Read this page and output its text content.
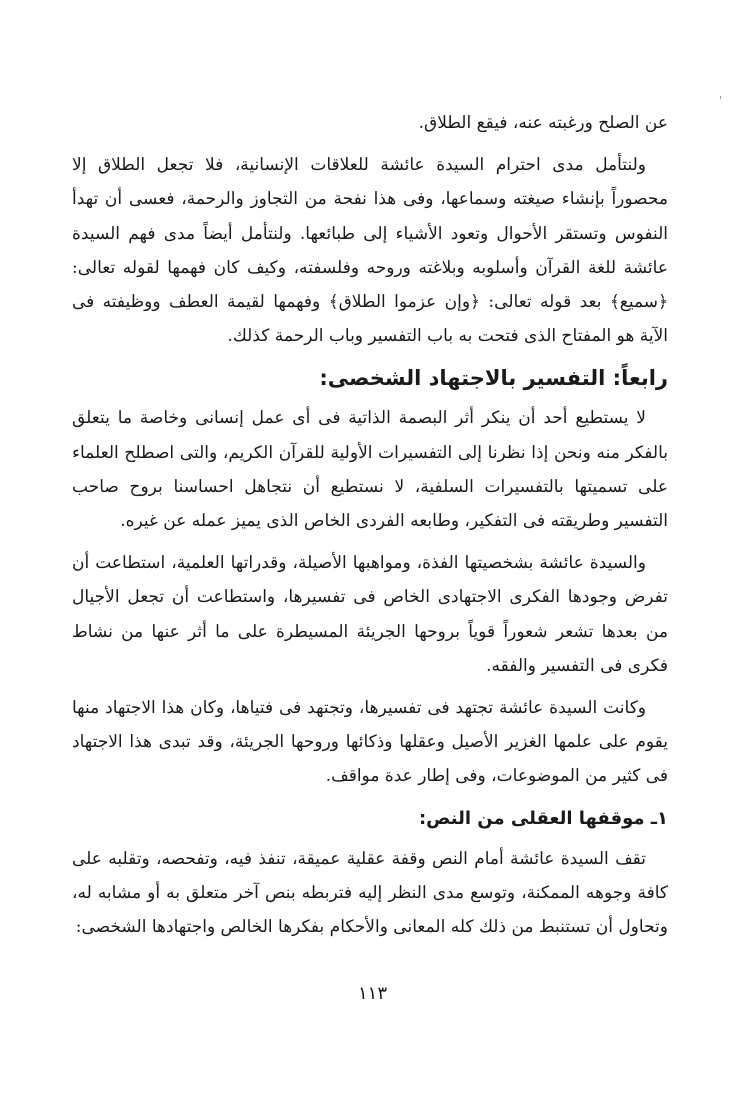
عن الصلح ورغبته عنه، فيقع الطلاق.

ولنتأمل مدى احترام السيدة عائشة للعلاقات الإنسانية، فلا تجعل الطلاق إلا محصوراً بإنشاء صيغته وسماعها، وفى هذا نفحة من التجاوز والرحمة، فعسى أن تهدأ النفوس وتستقر الأحوال وتعود الأشياء إلى طبائعها. ولنتأمل أيضاً مدى فهم السيدة عائشة للغة القرآن وأسلوبه وبلاغته وروحه وفلسفته، وكيف كان فهمها لقوله تعالى: ﴿سميع﴾ بعد قوله تعالى: ﴿وإن عزموا الطلاق﴾ وفهمها لقيمة العطف ووظيفته فى الآية هو المفتاح الذى فتحت به باب التفسير وباب الرحمة كذلك.

رابعاً: التفسير بالاجتهاد الشخصى:

لا يستطيع أحد أن ينكر أثر البصمة الذاتية فى أى عمل إنسانى وخاصة ما يتعلق بالفكر منه ونحن إذا نظرنا إلى التفسيرات الأولية للقرآن الكريم، والتى اصطلح العلماء على تسميتها بالتفسيرات السلفية، لا نستطيع أن نتجاهل احساسنا بروح صاحب التفسير وطريقته فى التفكير، وطابعه الفردى الخاص الذى يميز عمله عن غيره.

والسيدة عائشة بشخصيتها الفذة، ومواهبها الأصيلة، وقدراتها العلمية، استطاعت أن تفرض وجودها الفكرى الاجتهادى الخاص فى تفسيرها، واستطاعت أن تجعل الأجيال من بعدها تشعر شعوراً قوياً بروحها الجريئة المسيطرة على ما أثر عنها من نشاط فكرى فى التفسير والفقه.

وكانت السيدة عائشة تجتهد فى تفسيرها، وتجتهد فى فتياها، وكان هذا الاجتهاد منها يقوم على علمها الغزير الأصيل وعقلها وذكائها وروحها الجريئة، وقد تبدى هذا الاجتهاد فى كثير من الموضوعات، وفى إطار عدة مواقف.

١ـ موقفها العقلى من النص:

تقف السيدة عائشة أمام النص وقفة عقلية عميقة، تنفذ فيه، وتفحصه، وتقلبه على كافة وجوهه الممكنة، وتوسع مدى النظر إليه فتربطه بنص آخر متعلق به أو مشابه له، وتحاول أن تستنبط من ذلك كله المعانى والأحكام بفكرها الخالص واجتهادها الشخصى:

١١٣
